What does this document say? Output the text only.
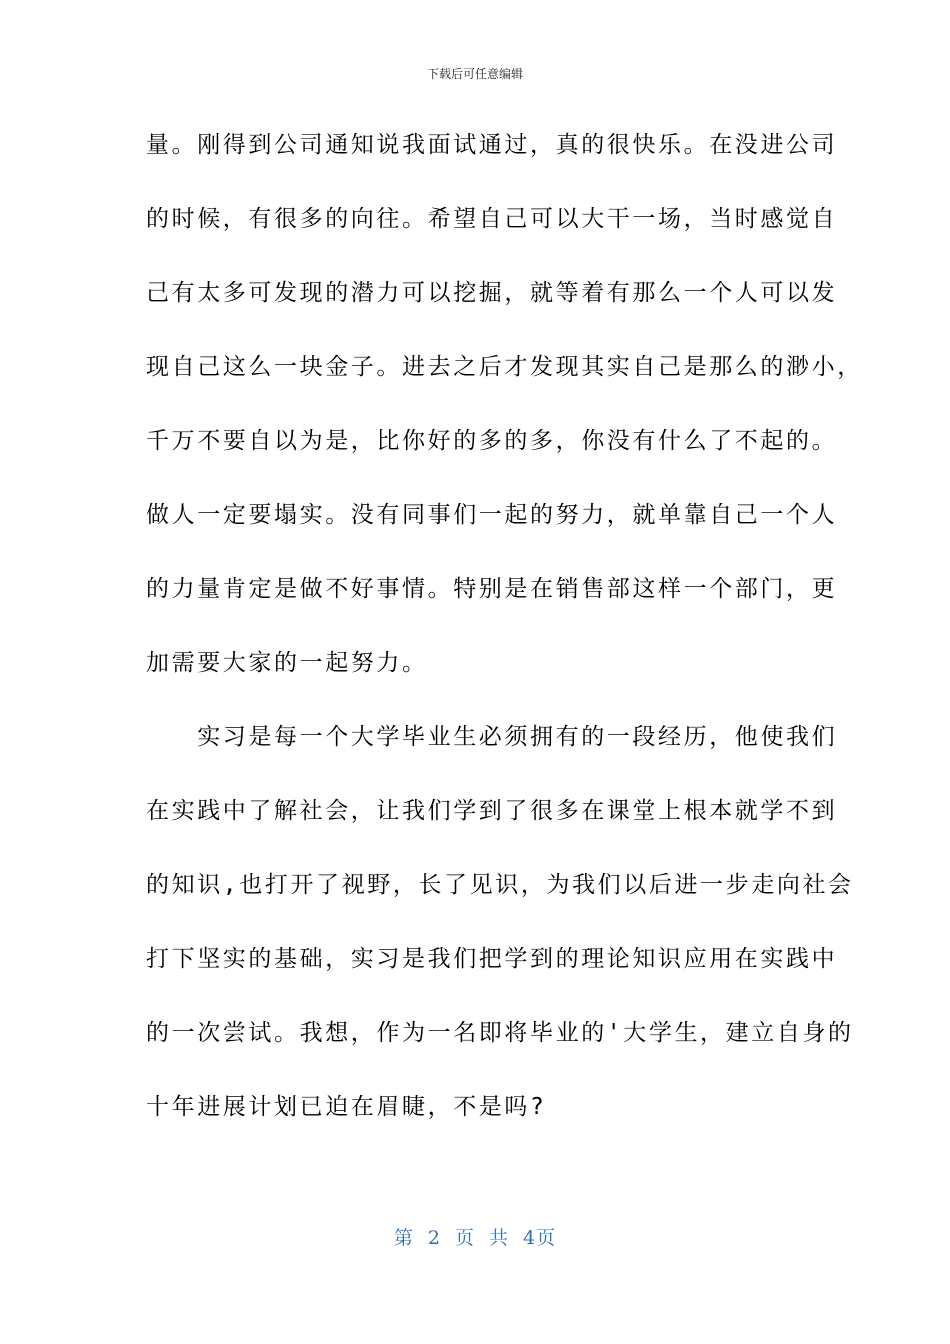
下载后可任意编辑
量。刚得到公司通知说我面试通过，真的很快乐。在没进公司
的时候，有很多的向往。希望自己可以大干一场，当时感觉自
己有太多可发现的潜力可以挖掘，就等着有那么一个人可以发
现自己这么一块金子。进去之后才发现其实自己是那么的渺小，
千万不要自以为是，比你好的多的多，你没有什么了不起的。
做人一定要塌实。没有同事们一起的努力，就单靠自己一个人
的力量肯定是做不好事情。特别是在销售部这样一个部门，更
加需要大家的一起努力。
　　实习是每一个大学毕业生必须拥有的一段经历，他使我们
在实践中了解社会，让我们学到了很多在课堂上根本就学不到
的知识,也打开了视野，长了见识，为我们以后进一步走向社会
打下坚实的基础，实习是我们把学到的理论知识应用在实践中
的一次尝试。我想，作为一名即将毕业的'大学生，建立自身的
十年进展计划已迫在眉睫，不是吗?
第 2 页 共 4页
